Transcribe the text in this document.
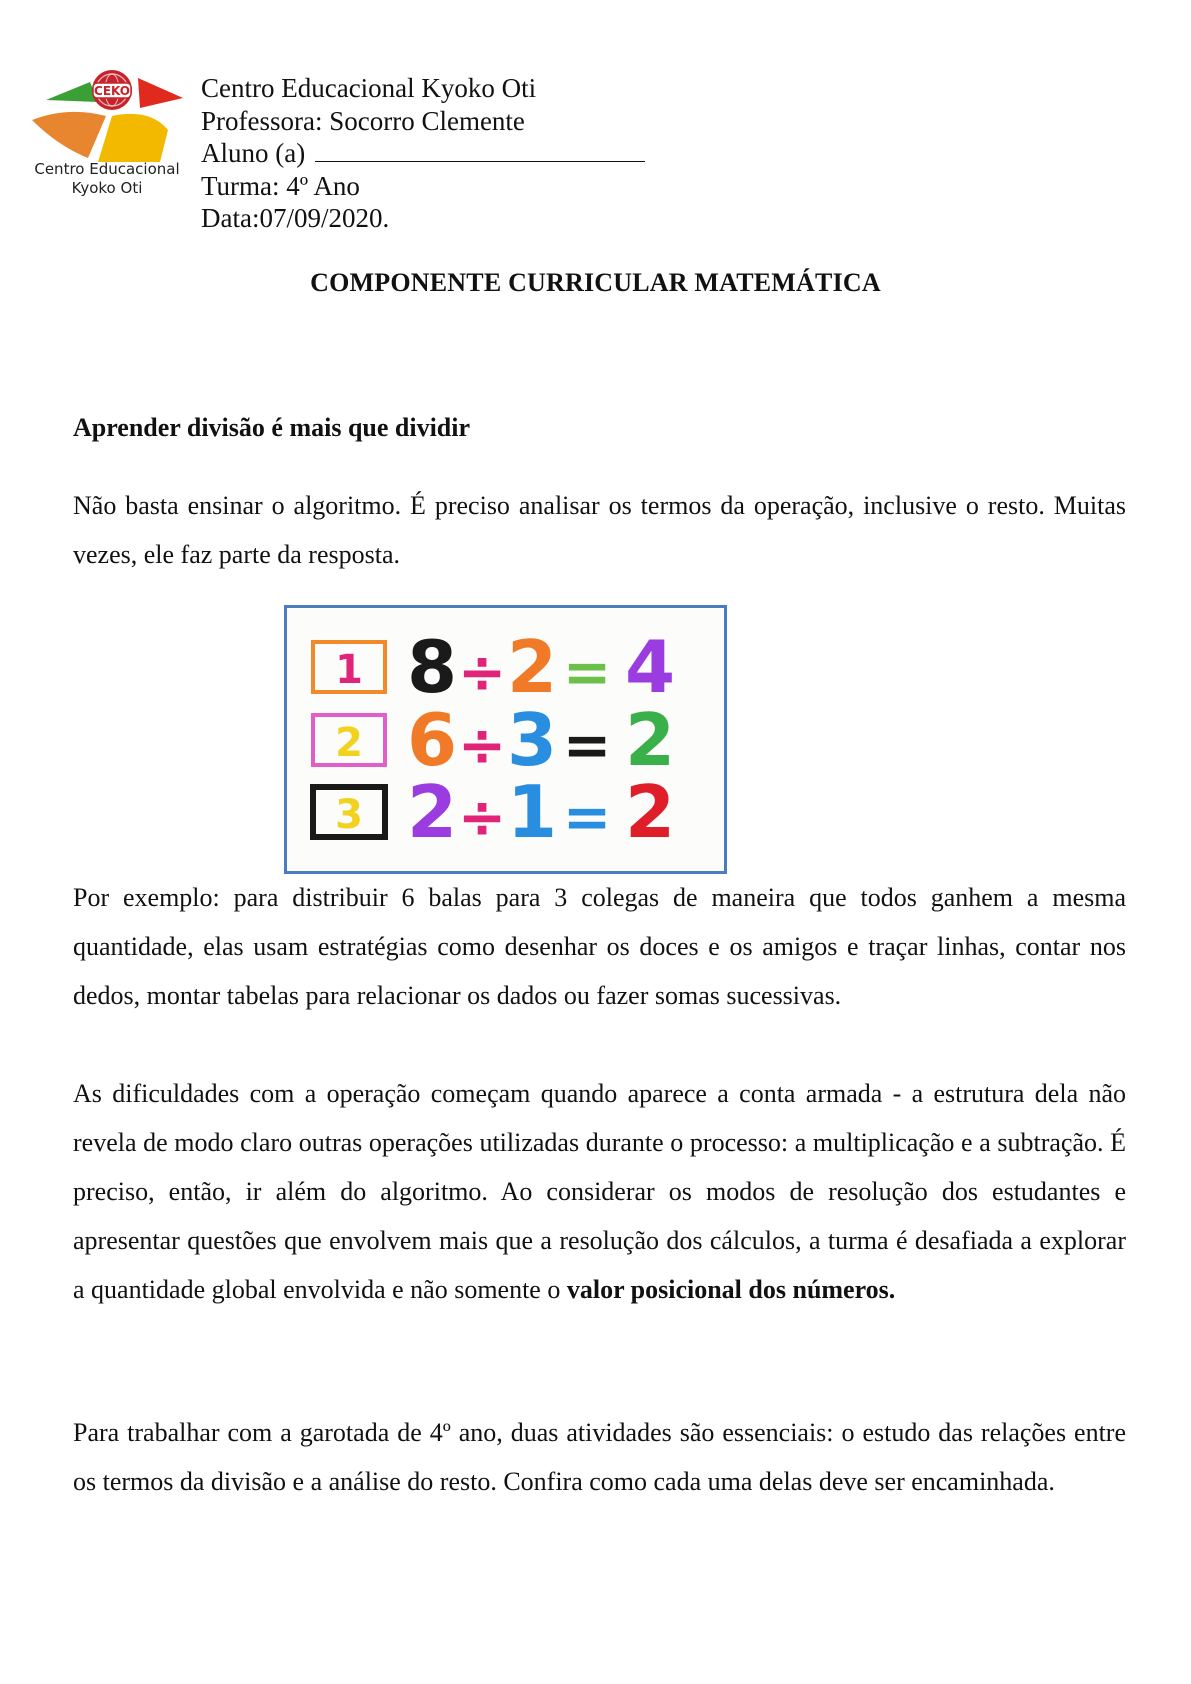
CEKO
Centro Educacional
Kyoko Oti
Centro Educacional Kyoko Oti
Professora: Socorro Clemente
Aluno (a)
Turma: 4º Ano
Data:07/09/2020.
COMPONENTE CURRICULAR MATEMÁTICA
Aprender divisão é mais que dividir

Não basta ensinar o algoritmo. É preciso analisar os termos da operação, inclusive o resto. Muitas vezes, ele faz parte da resposta.

1 8 ÷ 2 = 4
2 6 ÷ 3 = 2
3 2 ÷ 1 = 2

Por exemplo: para distribuir 6 balas para 3 colegas de maneira que todos ganhem a mesma quantidade, elas usam estratégias como desenhar os doces e os amigos e traçar linhas, contar nos dedos, montar tabelas para relacionar os dados ou fazer somas sucessivas.

As dificuldades com a operação começam quando aparece a conta armada - a estrutura dela não revela de modo claro outras operações utilizadas durante o processo: a multiplicação e a subtração. É preciso, então, ir além do algoritmo. Ao considerar os modos de resolução dos estudantes e apresentar questões que envolvem mais que a resolução dos cálculos, a turma é desafiada a explorar a quantidade global envolvida e não somente o valor posicional dos números.

Para trabalhar com a garotada de 4º ano, duas atividades são essenciais: o estudo das relações entre os termos da divisão e a análise do resto. Confira como cada uma delas deve ser encaminhada.
